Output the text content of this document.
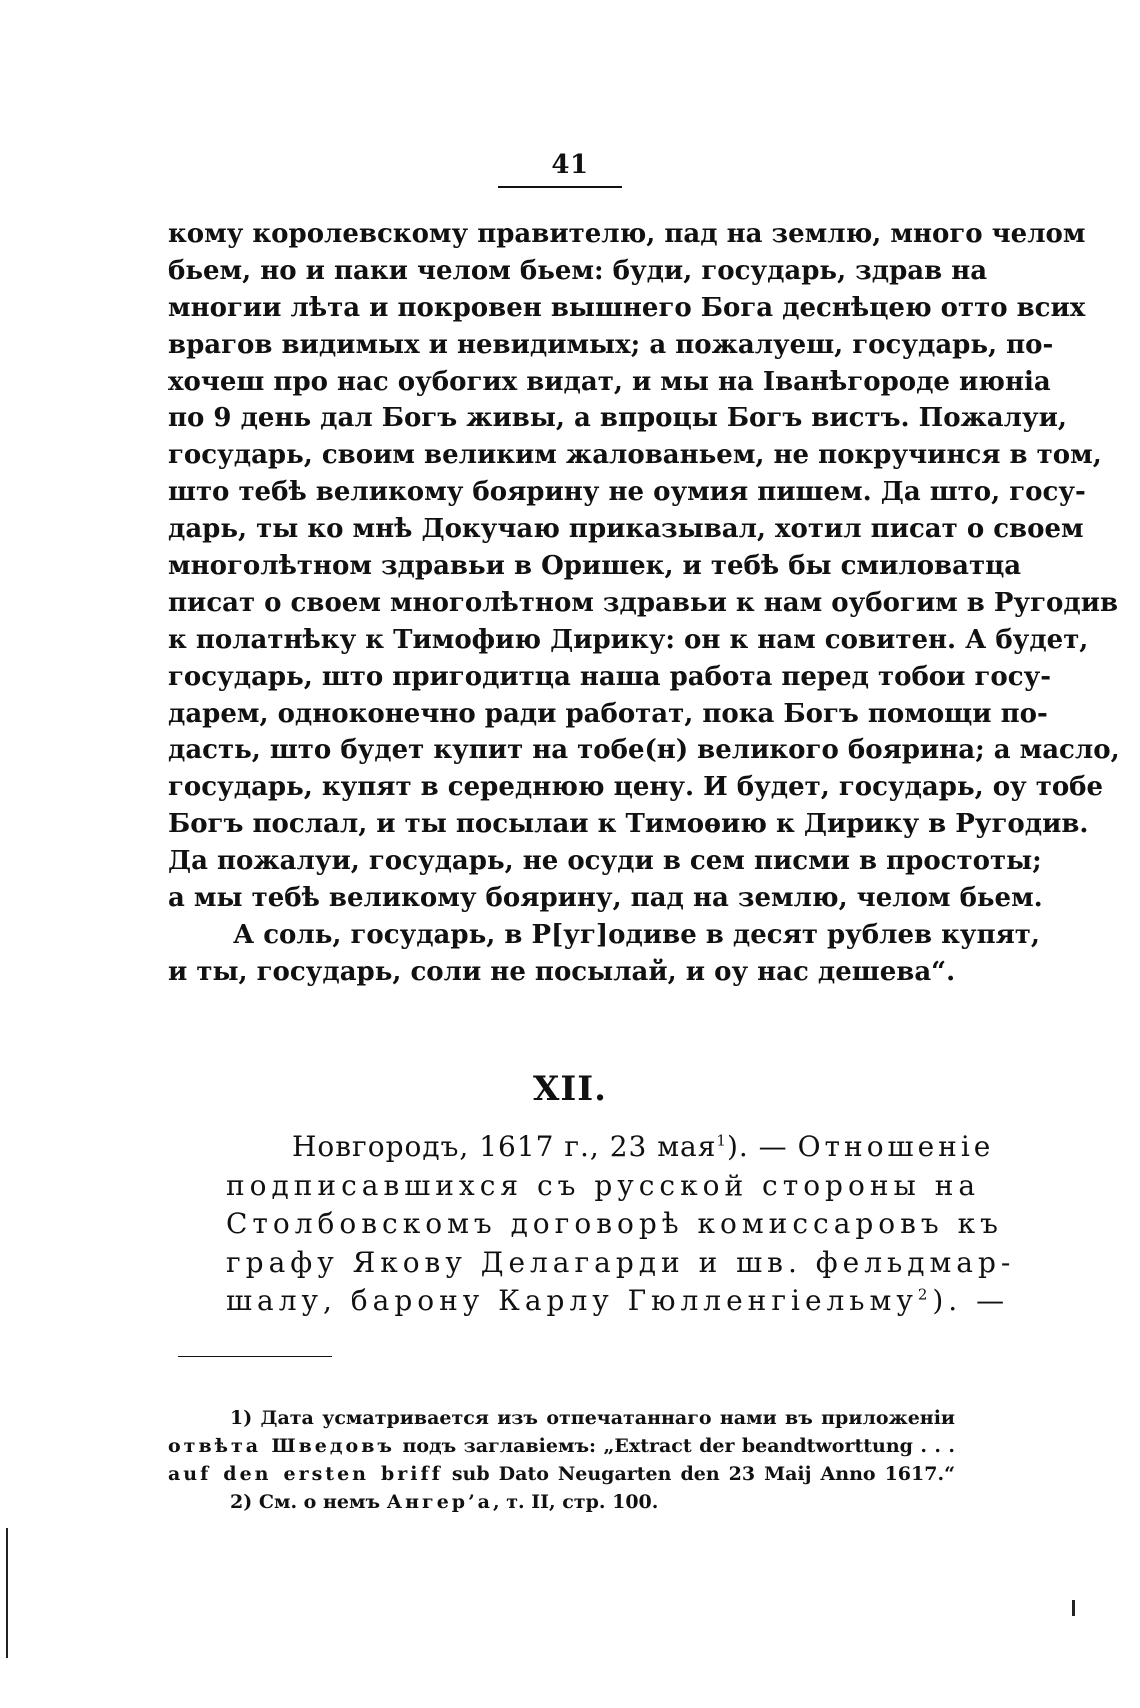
41
кому королевскому правителю, пад на землю, много челом
бьем, но и паки челом бьем: буди, государь, здрав на
многии лѣта и покровен вышнего Бога деснѣцею отто всих
врагов видимых и невидимых; а пожалуеш, государь, по-
хочеш про нас оубогих видат, и мы на Iванѣгороде июнiа
по 9 день дал Богъ живы, а впроцы Богъ вистъ. Пожалуи,
государь, своим великим жалованьем, не покручинся в том,
што тебѣ великому боярину не оумия пишем. Да што, госу-
дарь, ты ко мнѣ Докучаю приказывал, хотил писат о своем
многолѣтном здравьи в Оришек, и тебѣ бы смиловатца
писат о своем многолѣтном здравьи к нам оубогим в Ругодив
к полатнѣку к Тимофию Дирику: он к нам совитен. А будет,
государь, што пригодитца наша работа перед тобои госу-
дарем, одноконечно ради работат, пока Богъ помощи по-
дасть, што будет купит на тобе(н) великого боярина; а масло,
государь, купят в середнюю цену. И будет, государь, оу тобе
Богъ послал, и ты посылаи к Тимоѳию к Дирику в Ругодив.
Да пожалуи, государь, не осуди в сем писми в простоты;
а мы тебѣ великому боярину, пад на землю, челом бьем.
А соль, государь, в Р[уг]одиве в десят рублев купят,
и ты, государь, соли не посылай, и оу нас дешева“.
XII.
Новгородъ, 1617 г., 23 мая$^1$). — Отношенiе
подписавшихся съ русской стороны на
Столбовскомъ договорѣ комиссаровъ къ
графу Якову Делагарди и шв. фельдмар-
шалу, барону Карлу Гюлленгiельму$^2$). —
1) Дата усматривается изъ отпечатаннаго нами въ приложенiи
отвѣта Шведовъ подъ заглавiемъ: „Extract der beandtworttung . . .
auf den ersten briff sub Dato Neugarten den 23 Maij Anno 1617.“
2) См. о немъ Ангер’а, т. II, стр. 100.
